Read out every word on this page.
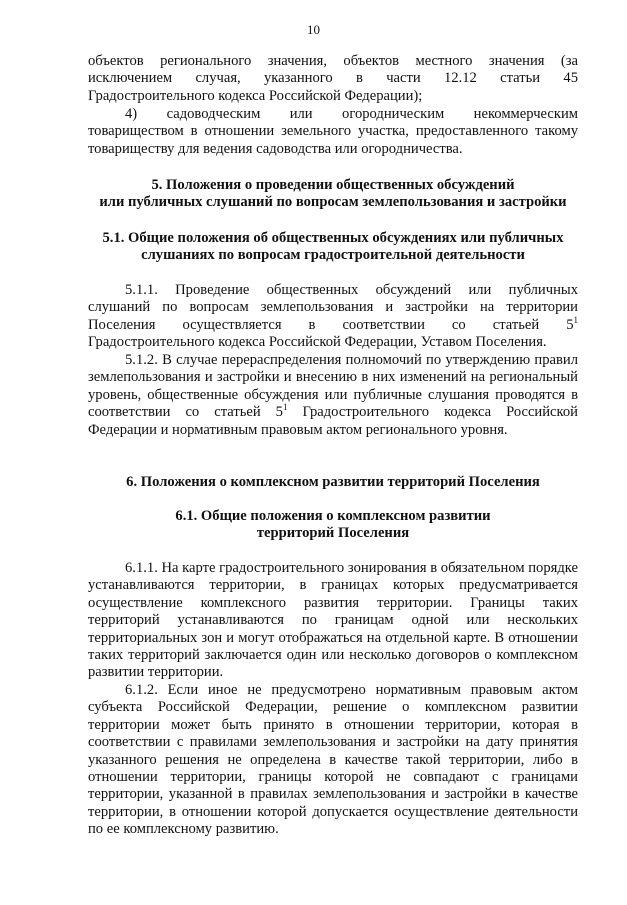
10
объектов регионального значения, объектов местного значения (за
исключением случая, указанного в части 12.12 статьи 45
Градостроительного кодекса Российской Федерации);
4) садоводческим или огородническим некоммерческим
товариществом в отношении земельного участка, предоставленного такому
товариществу для ведения садоводства или огородничества.

5. Положения о проведении общественных обсуждений

или публичных слушаний по вопросам землепользования и застройки

5.1. Общие положения об общественных обсуждениях или публичных

слушаниях по вопросам градостроительной деятельности

5.1.1. Проведение общественных обсуждений или публичных
слушаний по вопросам землепользования и застройки на территории
Поселения осуществляется в соответствии со статьей $5^1$
Градостроительного кодекса Российской Федерации, Уставом Поселения.

5.1.2. В случае перераспределения полномочий по утверждению правил землепользования и застройки и внесению в них изменений на региональный уровень, общественные обсуждения или публичные слушания проводятся в соответствии со статьей $5^1$ Градостроительного кодекса Российской Федерации и нормативным правовым актом регионального уровня.

6. Положения о комплексном развитии территорий Поселения

6.1. Общие положения о комплексном развитии

территорий Поселения

6.1.1. На карте градостроительного зонирования в обязательном порядке устанавливаются территории, в границах которых предусматривается осуществление комплексного развития территории. Границы таких территорий устанавливаются по границам одной или нескольких территориальных зон и могут отображаться на отдельной карте. В отношении таких территорий заключается один или несколько договоров о комплексном развитии территории.

6.1.2. Если иное не предусмотрено нормативным правовым актом субъекта Российской Федерации, решение о комплексном развитии территории может быть принято в отношении территории, которая в соответствии с правилами землепользования и застройки на дату принятия указанного решения не определена в качестве такой территории, либо в отношении территории, границы которой не совпадают с границами территории, указанной в правилах землепользования и застройки в качестве территории, в отношении которой допускается осуществление деятельности по ее комплексному развитию.
